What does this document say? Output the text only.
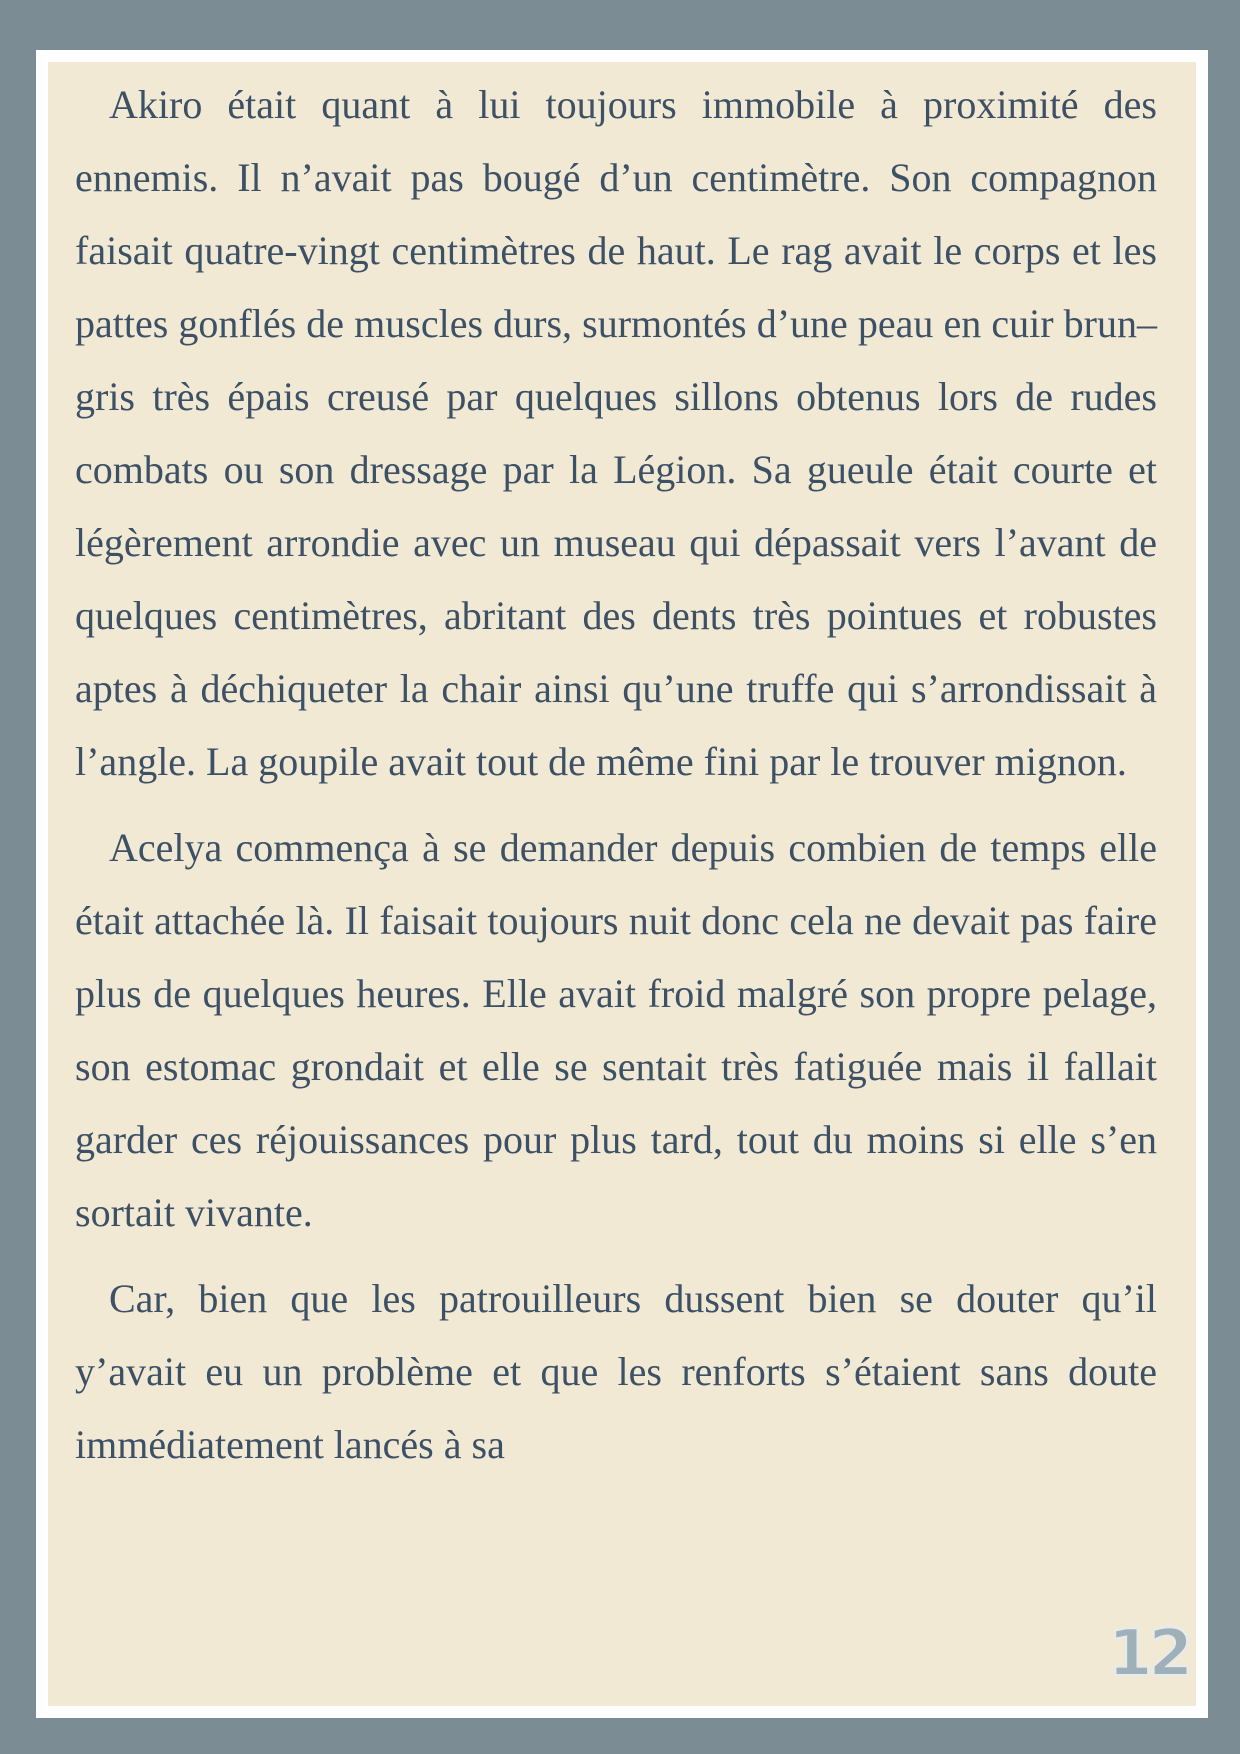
Akiro était quant à lui toujours immobile à proximité des ennemis. Il n’avait pas bougé d’un centimètre. Son compagnon faisait quatre-vingt centimètres de haut. Le rag avait le corps et les pattes gonflés de muscles durs, surmontés d’une peau en cuir brun–gris très épais creusé par quelques sillons obtenus lors de rudes combats ou son dressage par la Légion. Sa gueule était courte et légèrement arrondie avec un museau qui dépassait vers l’avant de quelques centimètres, abritant des dents très pointues et robustes aptes à déchiqueter la chair ainsi qu’une truffe qui s’arrondissait à l’angle. La goupile avait tout de même fini par le trouver mignon.

Acelya commença à se demander depuis combien de temps elle était attachée là. Il faisait toujours nuit donc cela ne devait pas faire plus de quelques heures. Elle avait froid malgré son propre pelage, son estomac grondait et elle se sentait très fatiguée mais il fallait garder ces réjouissances pour plus tard, tout du moins si elle s’en sortait vivante.

Car, bien que les patrouilleurs dussent bien se douter qu’il y’avait eu un problème et que les renforts s’étaient sans doute immédiatement lancés à sa

12
